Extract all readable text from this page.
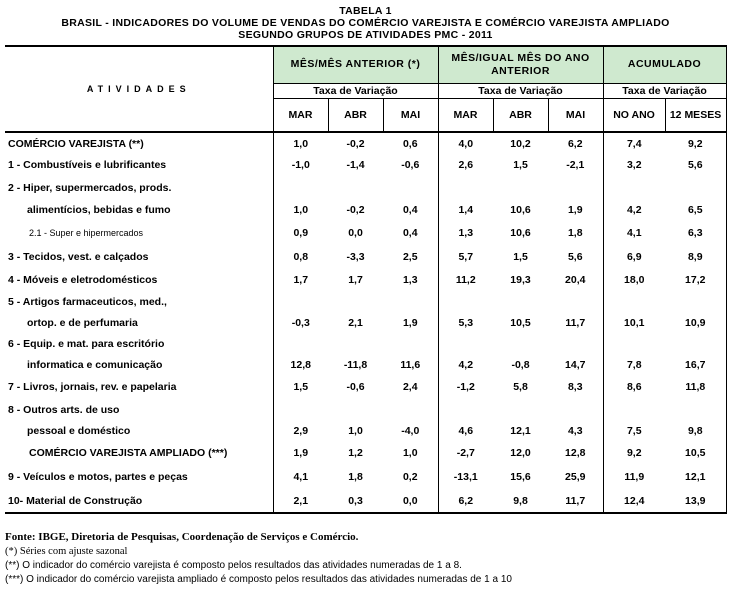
TABELA 1
BRASIL - INDICADORES DO VOLUME DE VENDAS DO COMÉRCIO VAREJISTA E COMÉRCIO VAREJISTA AMPLIADO
SEGUNDO GRUPOS DE ATIVIDADES PMC - 2011
ATIVIDADES	MÊS/MÊS ANTERIOR (*)			MÊS/IGUAL MÊS DO ANO ANTERIOR			ACUMULADO	
	Taxa de Variação			Taxa de Variação			Taxa de Variação	
	MAR	ABR	MAI	MAR	ABR	MAI	NO ANO	12 MESES
COMÉRCIO VAREJISTA (**)	1,0	-0,2	0,6	4,0	10,2	6,2	7,4	9,2
1 - Combustíveis e lubrificantes	-1,0	-1,4	-0,6	2,6	1,5	-2,1	3,2	5,6
2 - Hiper, supermercados, prods.								
alimentícios, bebidas e fumo	1,0	-0,2	0,4	1,4	10,6	1,9	4,2	6,5
2.1 - Super e hipermercados	0,9	0,0	0,4	1,3	10,6	1,8	4,1	6,3
3 - Tecidos, vest. e calçados	0,8	-3,3	2,5	5,7	1,5	5,6	6,9	8,9
4 - Móveis e eletrodomésticos	1,7	1,7	1,3	11,2	19,3	20,4	18,0	17,2
5 - Artigos farmaceuticos, med.,								
ortop. e de perfumaria	-0,3	2,1	1,9	5,3	10,5	11,7	10,1	10,9
6 - Equip. e mat. para escritório								
informatica e comunicação	12,8	-11,8	11,6	4,2	-0,8	14,7	7,8	16,7
7 - Livros, jornais, rev. e papelaria	1,5	-0,6	2,4	-1,2	5,8	8,3	8,6	11,8
8 - Outros arts. de uso								
pessoal e doméstico	2,9	1,0	-4,0	4,6	12,1	4,3	7,5	9,8
COMÉRCIO VAREJISTA AMPLIADO (***)	1,9	1,2	1,0	-2,7	12,0	12,8	9,2	10,5
9 - Veículos e motos, partes e peças	4,1	1,8	0,2	-13,1	15,6	25,9	11,9	12,1
10- Material de Construção	2,1	0,3	0,0	6,2	9,8	11,7	12,4	13,9
Fonte: IBGE, Diretoria de Pesquisas, Coordenação de Serviços e Comércio.
(*) Séries com ajuste sazonal
(**) O indicador do comércio varejista é composto pelos resultados das atividades numeradas de 1 a 8.
(***) O indicador do comércio varejista ampliado é composto pelos resultados das atividades numeradas de 1 a 10
